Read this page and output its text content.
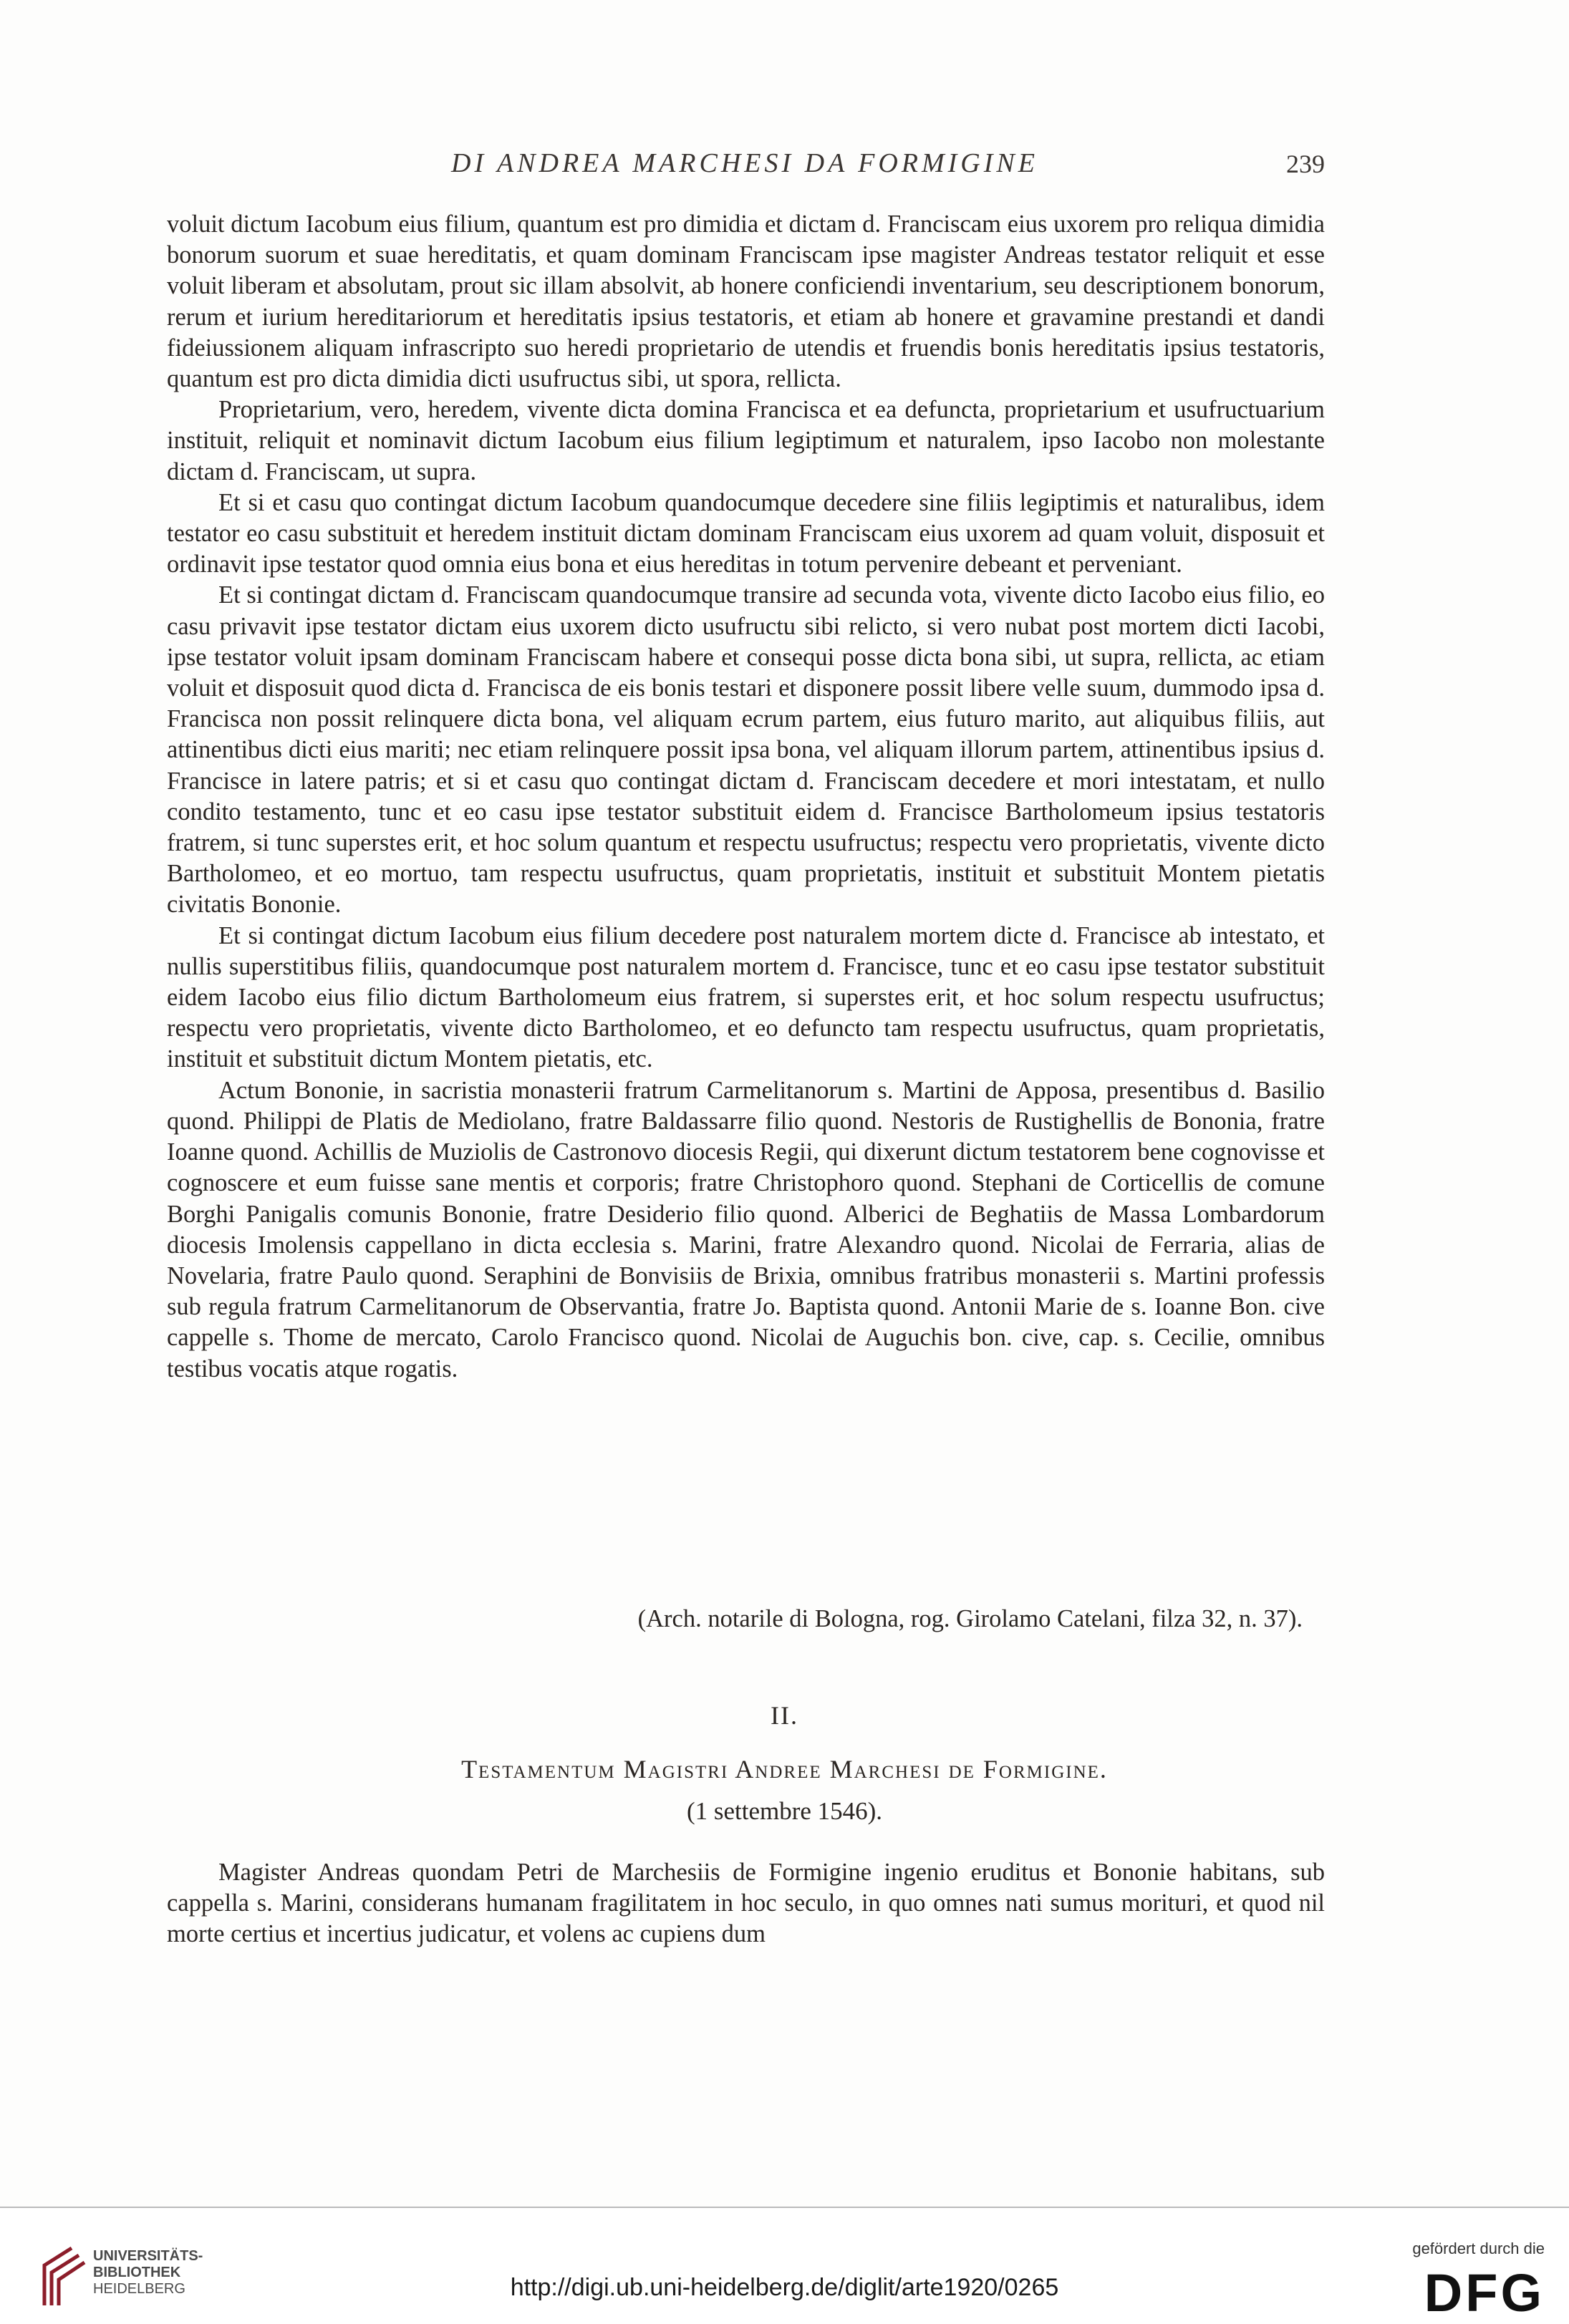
DI ANDREA MARCHESI DA FORMIGINE	239

voluit dictum Iacobum eius filium, quantum est pro dimidia et dictam d. Franciscam eius uxorem pro reliqua dimidia bonorum suorum et suae hereditatis, et quam dominam Franciscam ipse magister Andreas testator reliquit et esse voluit liberam et absolutam, prout sic illam absolvit, ab honere conficiendi inventarium, seu descriptionem bonorum, rerum et iurium hereditariorum et hereditatis ipsius testatoris, et etiam ab honere et gravamine prestandi et dandi fideiussionem aliquam infrascripto suo heredi proprietario de utendis et fruendis bonis hereditatis ipsius testatoris, quantum est pro dicta dimidia dicti usufructus sibi, ut spora, rellicta.

Proprietarium, vero, heredem, vivente dicta domina Francisca et ea defuncta, proprietarium et usufructuarium instituit, reliquit et nominavit dictum Iacobum eius filium legiptimum et naturalem, ipso Iacobo non molestante dictam d. Franciscam, ut supra.

Et si et casu quo contingat dictum Iacobum quandocumque decedere sine filiis legiptimis et naturalibus, idem testator eo casu substituit et heredem instituit dictam dominam Franciscam eius uxorem ad quam voluit, disposuit et ordinavit ipse testator quod omnia eius bona et eius hereditas in totum pervenire debeant et perveniant.

Et si contingat dictam d. Franciscam quandocumque transire ad secunda vota, vivente dicto Iacobo eius filio, eo casu privavit ipse testator dictam eius uxorem dicto usufructu sibi relicto, si vero nubat post mortem dicti Iacobi, ipse testator voluit ipsam dominam Franciscam habere et consequi posse dicta bona sibi, ut supra, rellicta, ac etiam voluit et disposuit quod dicta d. Francisca de eis bonis testari et disponere possit libere velle suum, dummodo ipsa d. Francisca non possit relinquere dicta bona, vel aliquam ecrum partem, eius futuro marito, aut aliquibus filiis, aut attinentibus dicti eius mariti; nec etiam relinquere possit ipsa bona, vel aliquam illorum partem, attinentibus ipsius d. Francisce in latere patris; et si et casu quo contingat dictam d. Franciscam decedere et mori intestatam, et nullo condito testamento, tunc et eo casu ipse testator substituit eidem d. Francisce Bartholomeum ipsius testatoris fratrem, si tunc superstes erit, et hoc solum quantum et respectu usufructus; respectu vero proprietatis, vivente dicto Bartholomeo, et eo mortuo, tam respectu usufructus, quam proprietatis, instituit et substituit Montem pietatis civitatis Bononie.

Et si contingat dictum Iacobum eius filium decedere post naturalem mortem dicte d. Francisce ab intestato, et nullis superstitibus filiis, quandocumque post naturalem mortem d. Francisce, tunc et eo casu ipse testator substituit eidem Iacobo eius filio dictum Bartholomeum eius fratrem, si superstes erit, et hoc solum respectu usufructus; respectu vero proprietatis, vivente dicto Bartholomeo, et eo defuncto tam respectu usufructus, quam proprietatis, instituit et substituit dictum Montem pietatis, etc.

Actum Bononie, in sacristia monasterii fratrum Carmelitanorum s. Martini de Apposa, presentibus d. Basilio quond. Philippi de Platis de Mediolano, fratre Baldassarre filio quond. Nestoris de Rustighellis de Bononia, fratre Ioanne quond. Achillis de Muziolis de Castronovo diocesis Regii, qui dixerunt dictum testatorem bene cognovisse et cognoscere et eum fuisse sane mentis et corporis; fratre Christophoro quond. Stephani de Corticellis de comune Borghi Panigalis comunis Bononie, fratre Desiderio filio quond. Alberici de Beghatiis de Massa Lombardorum diocesis Imolensis cappellano in dicta ecclesia s. Marini, fratre Alexandro quond. Nicolai de Ferraria, alias de Novelaria, fratre Paulo quond. Seraphini de Bonvisiis de Brixia, omnibus fratribus monasterii s. Martini professis sub regula fratrum Carmelitanorum de Observantia, fratre Jo. Baptista quond. Antonii Marie de s. Ioanne Bon. cive cappelle s. Thome de mercato, Carolo Francisco quond. Nicolai de Auguchis bon. cive, cap. s. Cecilie, omnibus testibus vocatis atque rogatis.

(Arch. notarile di Bologna, rog. Girolamo Catelani, filza 32, n. 37).
II.
Testamentum Magistri Andree Marchesi de Formigine.
(1 settembre 1546).

Magister Andreas quondam Petri de Marchesiis de Formigine ingenio eruditus et Bononie habitans, sub cappella s. Marini, considerans humanam fragilitatem in hoc seculo, in quo omnes nati sumus morituri, et quod nil morte certius et incertius judicatur, et volens ac cupiens dum

UNIVERSITÄTS-
BIBLIOTHEK
HEIDELBERG	http://digi.ub.uni-heidelberg.de/diglit/arte1920/0265
gefördert durch die
DFG
